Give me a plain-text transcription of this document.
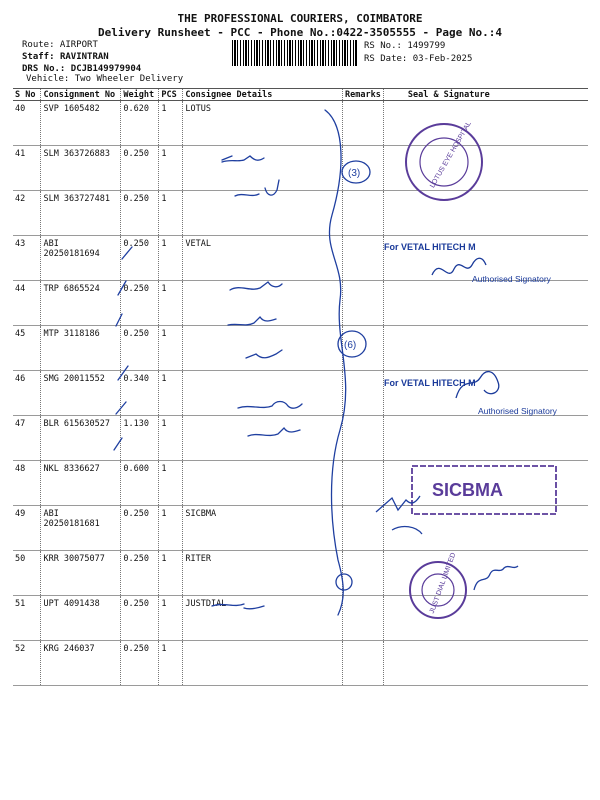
THE PROFESSIONAL COURIERS, COIMBATORE
Delivery Runsheet - PCC - Phone No.:0422-3505555 - Page No.:4
Route: AIRPORT
Staff: RAVINTRAN
DRS No.: DCJB149979904
Vehicle: Two Wheeler Delivery
RS No.: 1499799
RS Date: 03-Feb-2025
S No	Consignment No	Weight	PCS	Consignee Details	Remarks	Seal & Signature
40	SVP 1605482	0.620	1	LOTUS		
41	SLM 363726883	0.250	1			
42	SLM 363727481	0.250	1			
43	ABI 20250181694	0.250	1	VETAL		
44	TRP 6865524	0.250	1			
45	MTP 3118186	0.250	1			
46	SMG 20011552	0.340	1			
47	BLR 615630527	1.130	1			
48	NKL 8336627	0.600	1			
49	ABI 20250181681	0.250	1	SICBMA		
50	KRR 30075077	0.250	1	RITER		
51	UPT 4091438	0.250	1	JUSTDIAL		
52	KRG 246037	0.250	1			
(3)
(6)
LOTUS EYE HOSPITAL
For VETAL HITECH M
Authorised Signatory
For VETAL HITECH M
Authorised Signatory
SICBMA
JUST DIAL LIMITED
